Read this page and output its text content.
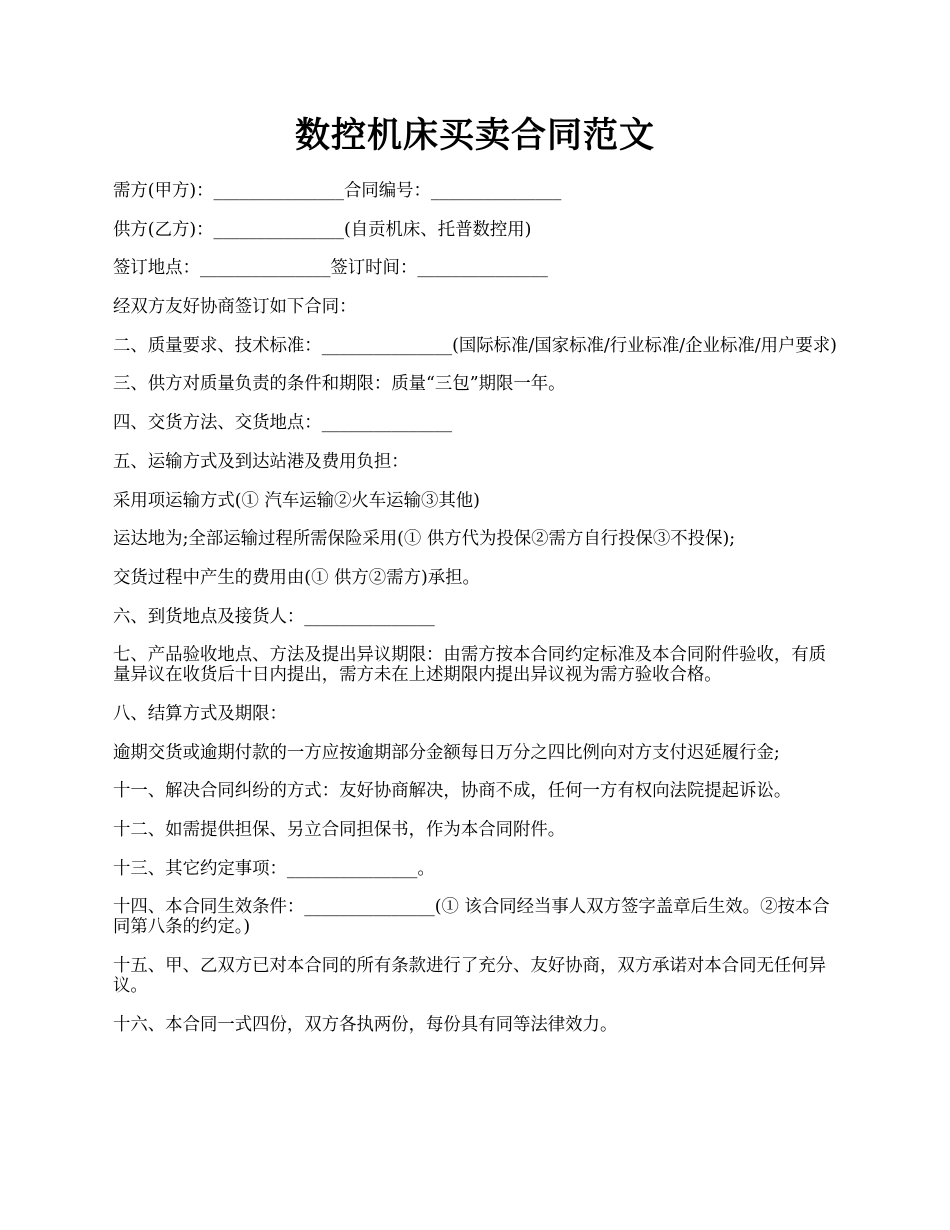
数控机床买卖合同范文

需方(甲方)：_______________合同编号：_______________

供方(乙方)：_______________(自贡机床、托普数控用)

签订地点：_______________签订时间：_______________

经双方友好协商签订如下合同：

二、质量要求、技术标准：_______________(国际标准/国家标准/行业标准/企业标准/用户要求)

三、供方对质量负责的条件和期限：质量“三包”期限一年。

四、交货方法、交货地点：_______________

五、运输方式及到达站港及费用负担：

采用项运输方式(① 汽车运输②火车运输③其他)

运达地为;全部运输过程所需保险采用(① 供方代为投保②需方自行投保③不投保);

交货过程中产生的费用由(① 供方②需方)承担。

六、到货地点及接货人：_______________

七、产品验收地点、方法及提出异议期限：由需方按本合同约定标准及本合同附件验收，有质量异议在收货后十日内提出，需方未在上述期限内提出异议视为需方验收合格。

八、结算方式及期限：

逾期交货或逾期付款的一方应按逾期部分金额每日万分之四比例向对方支付迟延履行金;

十一、解决合同纠纷的方式：友好协商解决，协商不成，任何一方有权向法院提起诉讼。

十二、如需提供担保、另立合同担保书，作为本合同附件。

十三、其它约定事项：_______________。

十四、本合同生效条件：_______________(① 该合同经当事人双方签字盖章后生效。②按本合同第八条的约定。)

十五、甲、乙双方已对本合同的所有条款进行了充分、友好协商，双方承诺对本合同无任何异议。

十六、本合同一式四份，双方各执两份，每份具有同等法律效力。
